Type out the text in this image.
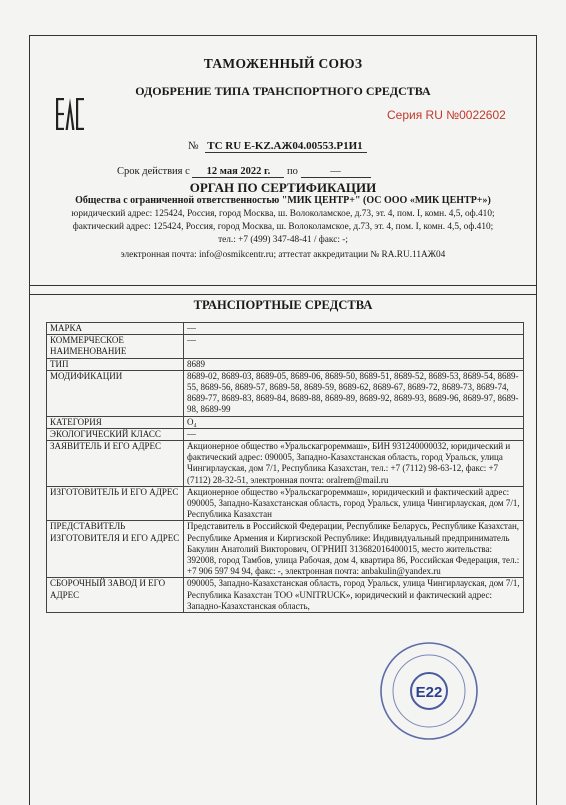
ТАМОЖЕННЫЙ СОЮЗ
ОДОБРЕНИЕ ТИПА ТРАНСПОРТНОГО СРЕДСТВА
Серия RU №0022602
№ ТС RU E-KZ.АЖ04.00553.Р1И1
Срок действия с 12 мая 2022 г. по	—
ОРГАН ПО СЕРТИФИКАЦИИ
Общества с ограниченной ответственностью "МИК ЦЕНТР+" (ОС ООО «МИК ЦЕНТР+»)
юридический адрес: 125424, Россия, город Москва, ш. Волоколамское, д.73, эт. 4, пом. I, комн. 4,5, оф.410;
фактический адрес: 125424, Россия, город Москва, ш. Волоколамское, д.73, эт. 4, пом. I, комн. 4,5, оф.410;
тел.: +7 (499) 347-48-41 / факс: -;
электронная почта: info@osmikcentr.ru; аттестат аккредитации № RA.RU.11АЖ04
ТРАНСПОРТНЫЕ СРЕДСТВА
МАРКА	—
КОММЕРЧЕСКОЕ НАИМЕНОВАНИЕ	—
ТИП	8689
МОДИФИКАЦИИ	8689-02, 8689-03, 8689-05, 8689-06, 8689-50, 8689-51, 8689-52, 8689-53, 8689-54, 8689-55, 8689-56, 8689-57, 8689-58, 8689-59, 8689-62, 8689-67, 8689-72, 8689-73, 8689-74, 8689-77, 8689-83, 8689-84, 8689-88, 8689-89, 8689-92, 8689-93, 8689-96, 8689-97, 8689-98, 8689-99
КАТЕГОРИЯ	O₄
ЭКОЛОГИЧЕСКИЙ КЛАСС	—
ЗАЯВИТЕЛЬ И ЕГО АДРЕС	Акционерное общество «Уральскагрореммаш», БИН 931240000032, юридический и фактический адрес: 090005, Западно-Казахстанская область, город Уральск, улица Чингирлауская, дом 7/1, Республика Казахстан, тел.: +7 (7112) 98-63-12, факс: +7 (7112) 28-32-51, электронная почта: oralrem@mail.ru
ИЗГОТОВИТЕЛЬ И ЕГО АДРЕС	Акционерное общество «Уральскагрореммаш», юридический и фактический адрес: 090005, Западно-Казахстанская область, город Уральск, улица Чингирлауская, дом 7/1, Республика Казахстан
ПРЕДСТАВИТЕЛЬ ИЗГОТОВИТЕЛЯ И ЕГО АДРЕС	Представитель в Российской Федерации, Республике Беларусь, Республике Казахстан, Республике Армения и Киргизской Республике: Индивидуальный предприниматель Бакулин Анатолий Викторович, ОГРНИП 313682016400015, место жительства: 392008, город Тамбов, улица Рабочая, дом 4, квартира 86, Российская Федерация, тел.: +7 906 597 94 94, факс: -, электронная почта: anbakulin@yandex.ru
СБОРОЧНЫЙ ЗАВОД И ЕГО АДРЕС	090005, Западно-Казахстанская область, город Уральск, улица Чингирлауская, дом 7/1, Республика Казахстан ТОО «UNITRUCK», юридический и фактический адрес: Западно-Казахстанская область,
E22
